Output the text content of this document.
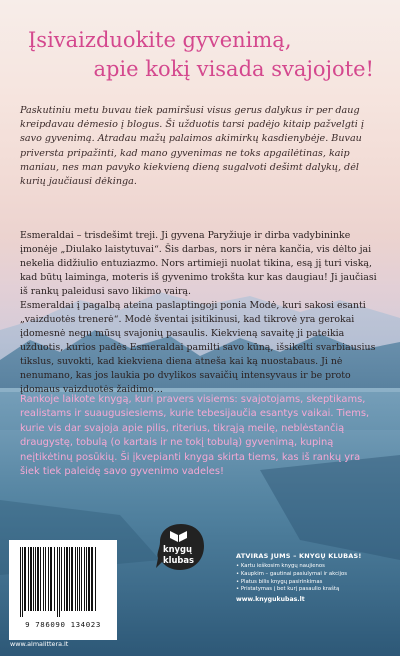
Įsivaizduokite gyvenimą,
apie kokį visada svajojote!
Paskutiniu metu buvau tiek pamiršusi visus gerus dalykus ir per daug kreipdavau dėmesio į blogus. Ši užduotis tarsi padėjo kitaip pažvelgti į savo gyvenimą. Atradau mažų palaimos akimirkų kasdienybėje. Buvau priversta pripažinti, kad mano gyvenimas ne toks apgailėtinas, kaip maniau, nes man pavyko kiekvieną dieną sugalvoti dešimt dalykų, dėl kurių jaučiausi dėkinga.

Esmeraldai – trisdešimt treji. Ji gyvena Paryžiuje ir dirba vadybininke įmonėje „Diulako laistytuvai“. Šis darbas, nors ir nėra kančia, vis dėlto jai nekelia didžiulio entuziazmo. Nors artimieji nuolat tikina, esą jį turi viską, kad būtų laiminga, moteris iš gyvenimo trokšta kur kas daugiau! Ji jaučiasi iš rankų paleidusi savo likimo vairą.

Esmeraldai į pagalbą ateina paslaptingoji ponia Modė, kuri sakosi esanti „vaizduotės trenerė“. Modė šventai įsitikinusi, kad tikrovė yra gerokai įdomesnė negu mūsų svajonių pasaulis. Kiekvieną savaitę ji pateikia užduotis, kurios padės Esmeraldai pamilti savo kūną, išsikelti svarbiausius tikslus, suvokti, kad kiekviena diena atneša kai ką nuostabaus. Ji nė nenumano, kas jos laukia po dvylikos savaičių intensyvaus ir be proto įdomaus vaizduotės žaidimo…

Rankoje laikote knygą, kuri pravers visiems: svajotojams, skeptikams, realistams ir suaugusiesiems, kurie tebesijaučia esantys vaikai. Tiems, kurie vis dar svajoja apie pilis, riterius, tikrąją meilę, neblėstančią draugystę, tobulą (o kartais ir ne tokį tobulą) gyvenimą, kupiną neįtikėtinų posūkių. Ši įkvepianti knyga skirta tiems, kas iš rankų yra šiek tiek paleidę savo gyvenimo vadeles!
knygų
klubas	ATVIRAS JUMS – KNYGŲ KLUBAS!
• Kartu ieškosim knygų naujienos
• Kaupkim – gautinai pasiulymai ir akcijos
• Platus bilis knygų pasirinkimas
• Pristatymas į bet kurį pasaulio kraštą
www.knygukubas.lt
9 786090 134023
www.almalittera.lt
